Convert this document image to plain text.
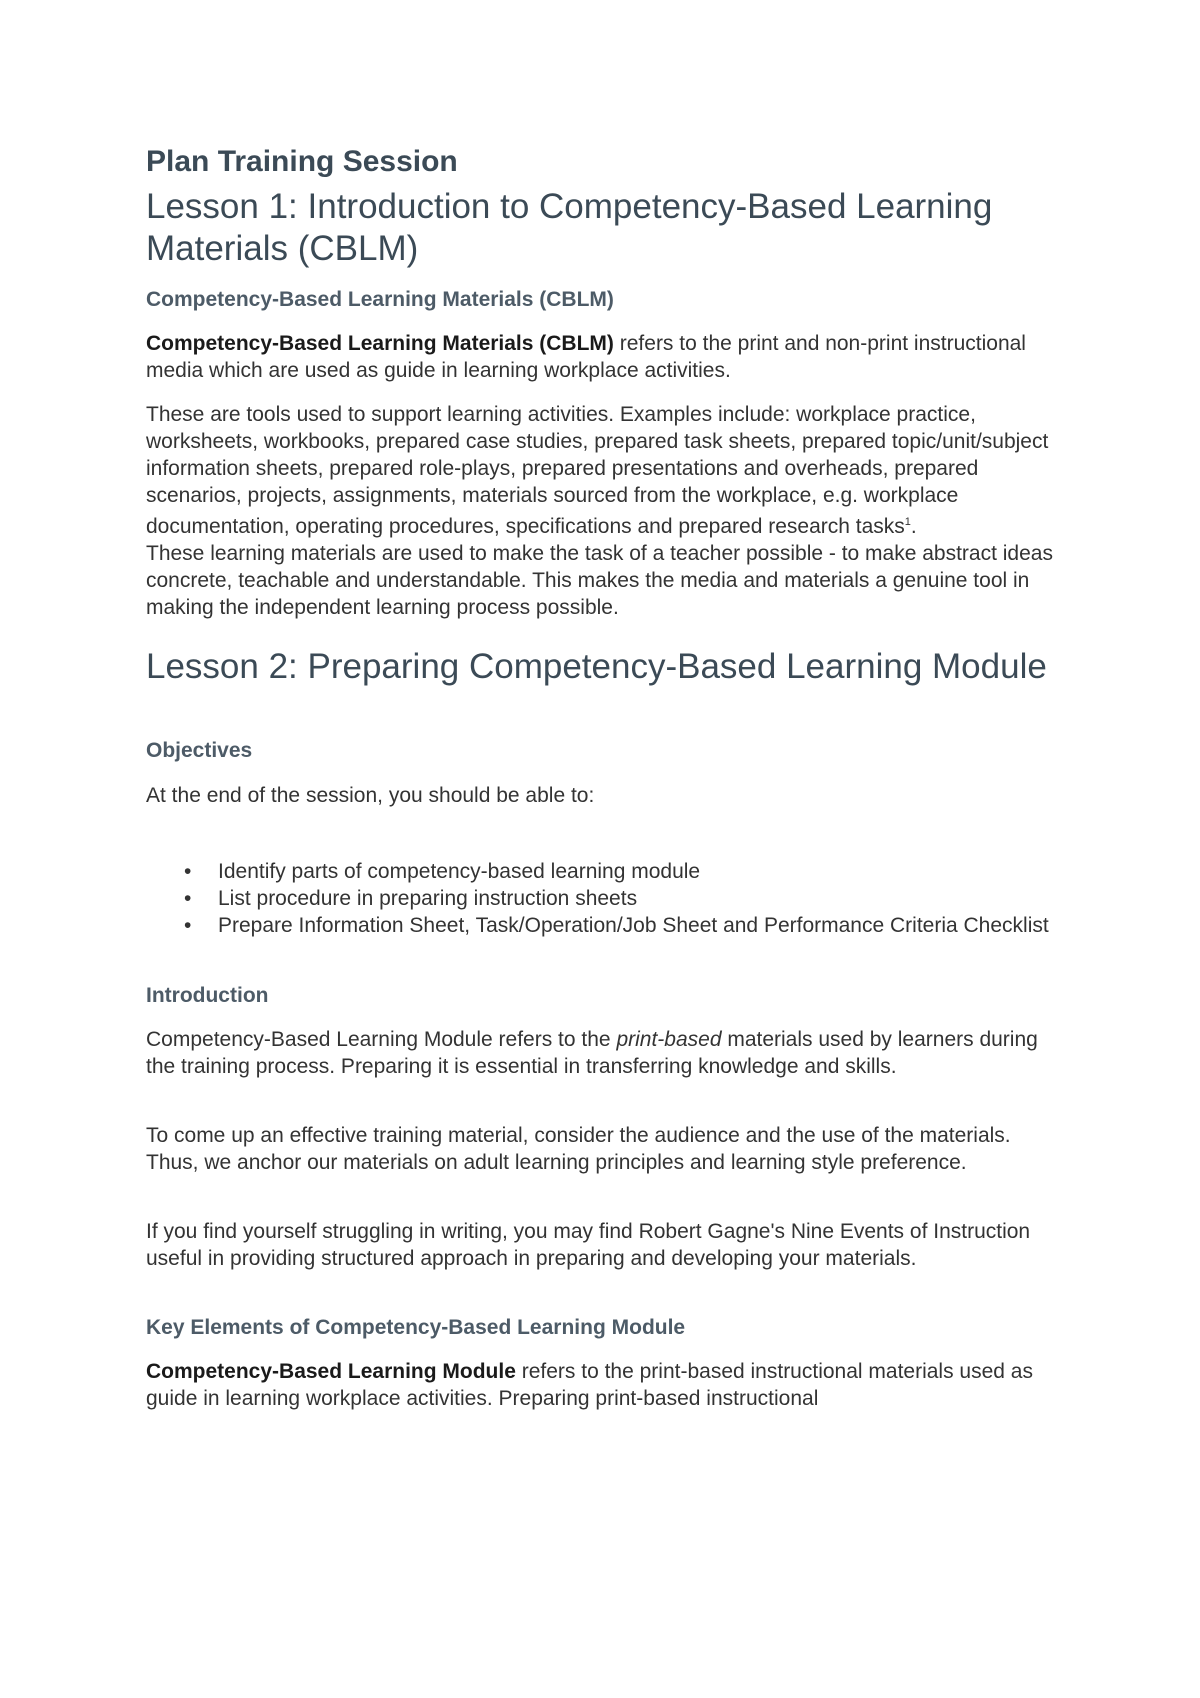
Plan Training Session
Lesson 1: Introduction to Competency-Based Learning Materials (CBLM)
Competency-Based Learning Materials (CBLM)

Competency-Based Learning Materials (CBLM) refers to the print and non-print instructional media which are used as guide in learning workplace activities.

These are tools used to support learning activities. Examples include: workplace practice, worksheets, workbooks, prepared case studies, prepared task sheets, prepared topic/unit/subject information sheets, prepared role-plays, prepared presentations and overheads, prepared scenarios, projects, assignments, materials sourced from the workplace, e.g. workplace documentation, operating procedures, specifications and prepared research tasks$^1$.
These learning materials are used to make the task of a teacher possible - to make abstract ideas concrete, teachable and understandable. This makes the media and materials a genuine tool in making the independent learning process possible.

Lesson 2: Preparing Competency-Based Learning Module
Objectives

At the end of the session, you should be able to:

• Identify parts of competency-based learning module
• List procedure in preparing instruction sheets
• Prepare Information Sheet, Task/Operation/Job Sheet and Performance Criteria Checklist
Introduction

Competency-Based Learning Module refers to the print-based materials used by learners during the training process. Preparing it is essential in transferring knowledge and skills.

To come up an effective training material, consider the audience and the use of the materials. Thus, we anchor our materials on adult learning principles and learning style preference.

If you find yourself struggling in writing, you may find Robert Gagne's Nine Events of Instruction useful in providing structured approach in preparing and developing your materials.

Key Elements of Competency-Based Learning Module

Competency-Based Learning Module refers to the print-based instructional materials used as guide in learning workplace activities. Preparing print-based instructional
